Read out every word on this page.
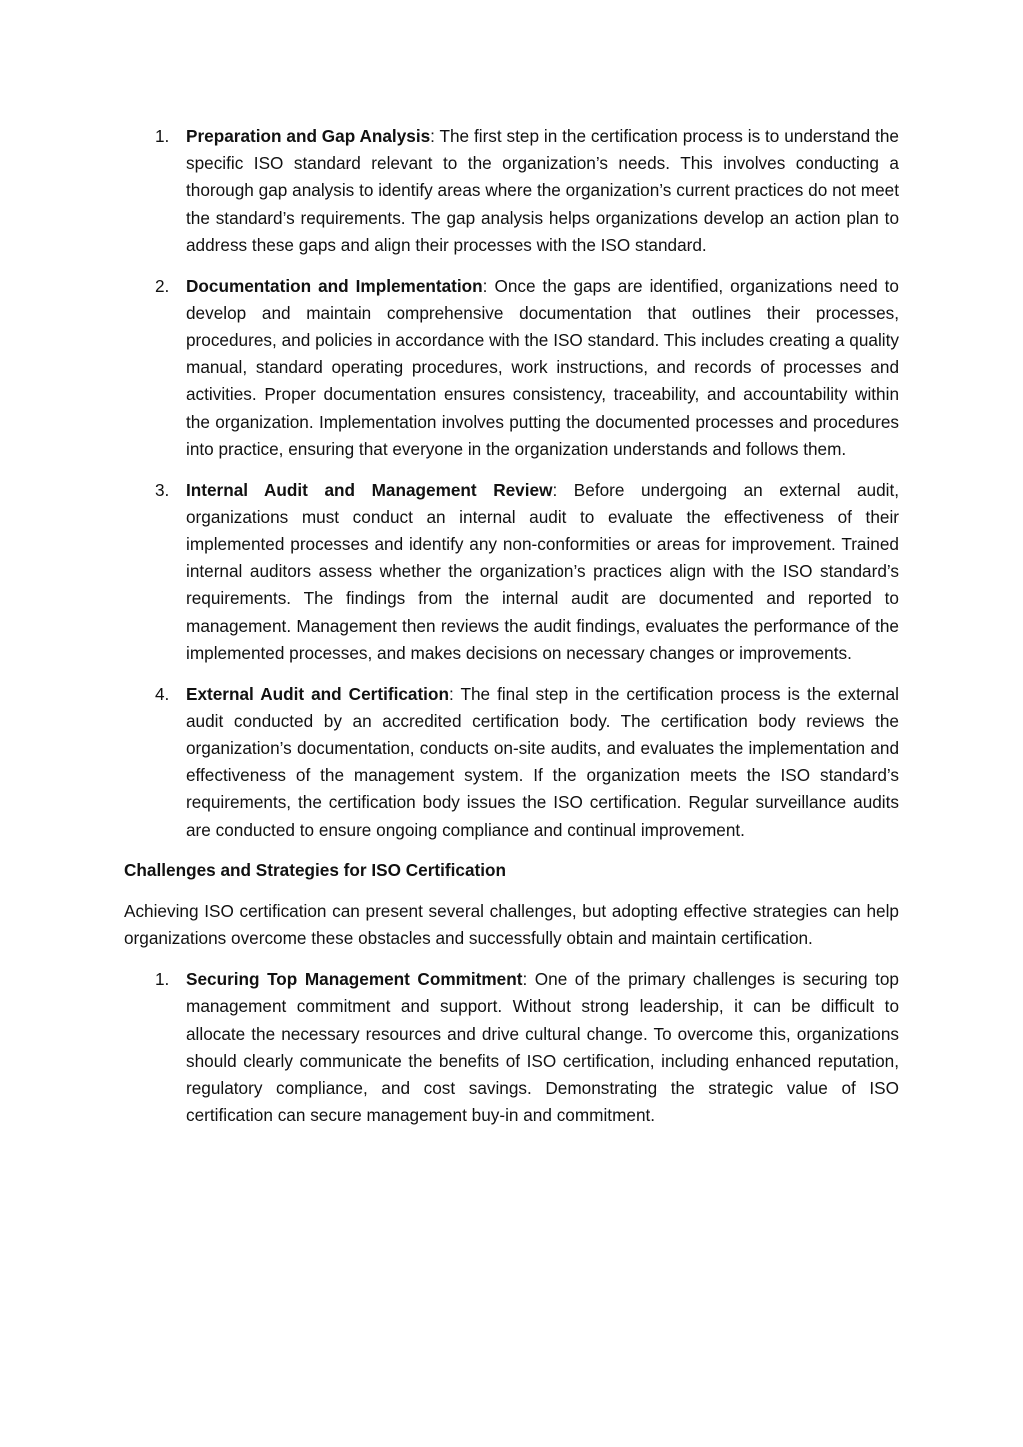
1. Preparation and Gap Analysis: The first step in the certification process is to understand the specific ISO standard relevant to the organization’s needs. This involves conducting a thorough gap analysis to identify areas where the organization’s current practices do not meet the standard’s requirements. The gap analysis helps organizations develop an action plan to address these gaps and align their processes with the ISO standard.
2. Documentation and Implementation: Once the gaps are identified, organizations need to develop and maintain comprehensive documentation that outlines their processes, procedures, and policies in accordance with the ISO standard. This includes creating a quality manual, standard operating procedures, work instructions, and records of processes and activities. Proper documentation ensures consistency, traceability, and accountability within the organization. Implementation involves putting the documented processes and procedures into practice, ensuring that everyone in the organization understands and follows them.
3. Internal Audit and Management Review: Before undergoing an external audit, organizations must conduct an internal audit to evaluate the effectiveness of their implemented processes and identify any non-conformities or areas for improvement. Trained internal auditors assess whether the organization’s practices align with the ISO standard’s requirements. The findings from the internal audit are documented and reported to management. Management then reviews the audit findings, evaluates the performance of the implemented processes, and makes decisions on necessary changes or improvements.
4. External Audit and Certification: The final step in the certification process is the external audit conducted by an accredited certification body. The certification body reviews the organization’s documentation, conducts on-site audits, and evaluates the implementation and effectiveness of the management system. If the organization meets the ISO standard’s requirements, the certification body issues the ISO certification. Regular surveillance audits are conducted to ensure ongoing compliance and continual improvement.

Challenges and Strategies for ISO Certification

Achieving ISO certification can present several challenges, but adopting effective strategies can help organizations overcome these obstacles and successfully obtain and maintain certification.

1. Securing Top Management Commitment: One of the primary challenges is securing top management commitment and support. Without strong leadership, it can be difficult to allocate the necessary resources and drive cultural change. To overcome this, organizations should clearly communicate the benefits of ISO certification, including enhanced reputation, regulatory compliance, and cost savings. Demonstrating the strategic value of ISO certification can secure management buy-in and commitment.
